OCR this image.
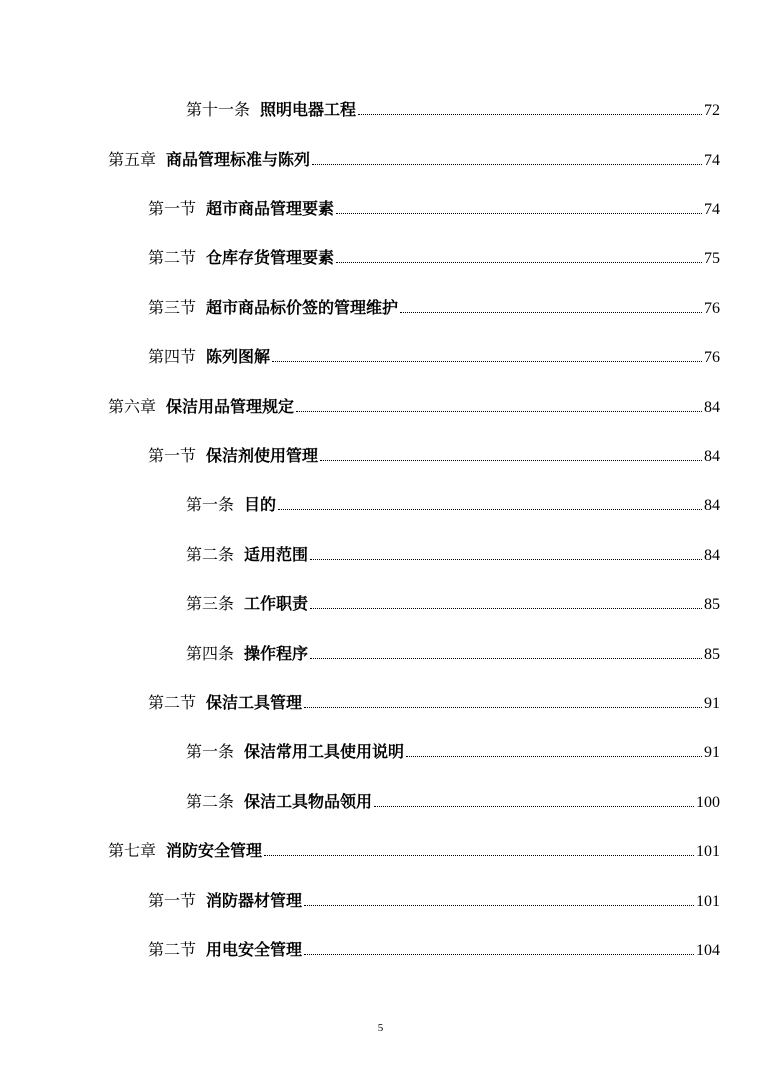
第十一条 照明电器工程	72
第五章 商品管理标准与陈列	74
第一节 超市商品管理要素	74
第二节 仓库存货管理要素	75
第三节 超市商品标价签的管理维护	76
第四节 陈列图解	76
第六章 保洁用品管理规定	84
第一节 保洁剂使用管理	84
第一条 目的	84
第二条 适用范围	84
第三条 工作职责	85
第四条 操作程序	85
第二节 保洁工具管理	91
第一条 保洁常用工具使用说明	91
第二条 保洁工具物品领用	100
第七章 消防安全管理	101
第一节 消防器材管理	101
第二节 用电安全管理	104
5
